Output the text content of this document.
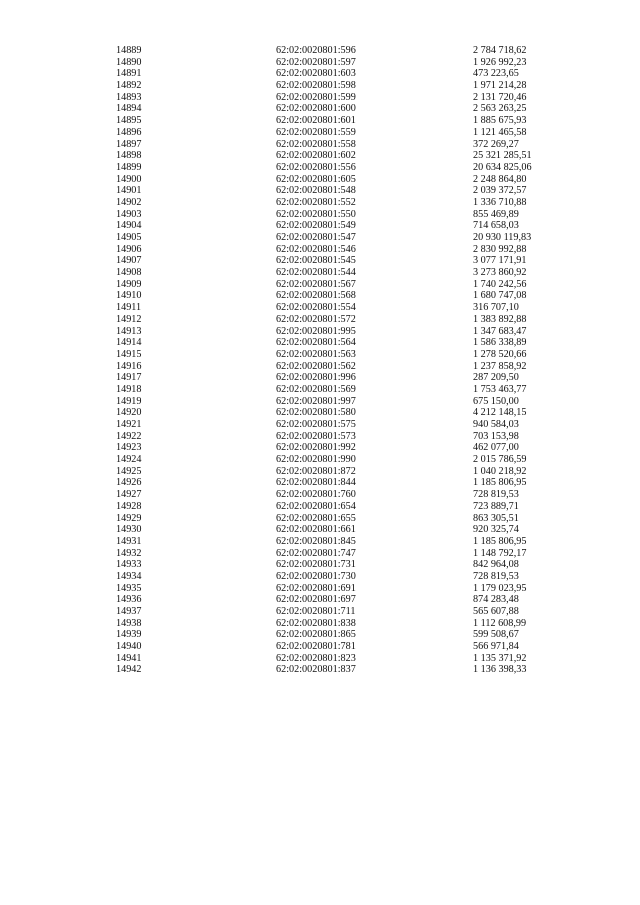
14889	62:02:0020801:596	2 784 718,62
14890	62:02:0020801:597	1 926 992,23
14891	62:02:0020801:603	473 223,65
14892	62:02:0020801:598	1 971 214,28
14893	62:02:0020801:599	2 131 720,46
14894	62:02:0020801:600	2 563 263,25
14895	62:02:0020801:601	1 885 675,93
14896	62:02:0020801:559	1 121 465,58
14897	62:02:0020801:558	372 269,27
14898	62:02:0020801:602	25 321 285,51
14899	62:02:0020801:556	20 634 825,06
14900	62:02:0020801:605	2 248 864,80
14901	62:02:0020801:548	2 039 372,57
14902	62:02:0020801:552	1 336 710,88
14903	62:02:0020801:550	855 469,89
14904	62:02:0020801:549	714 658,03
14905	62:02:0020801:547	20 930 119,83
14906	62:02:0020801:546	2 830 992,88
14907	62:02:0020801:545	3 077 171,91
14908	62:02:0020801:544	3 273 860,92
14909	62:02:0020801:567	1 740 242,56
14910	62:02:0020801:568	1 680 747,08
14911	62:02:0020801:554	316 707,10
14912	62:02:0020801:572	1 383 892,88
14913	62:02:0020801:995	1 347 683,47
14914	62:02:0020801:564	1 586 338,89
14915	62:02:0020801:563	1 278 520,66
14916	62:02:0020801:562	1 237 858,92
14917	62:02:0020801:996	287 209,50
14918	62:02:0020801:569	1 753 463,77
14919	62:02:0020801:997	675 150,00
14920	62:02:0020801:580	4 212 148,15
14921	62:02:0020801:575	940 584,03
14922	62:02:0020801:573	703 153,98
14923	62:02:0020801:992	462 077,00
14924	62:02:0020801:990	2 015 786,59
14925	62:02:0020801:872	1 040 218,92
14926	62:02:0020801:844	1 185 806,95
14927	62:02:0020801:760	728 819,53
14928	62:02:0020801:654	723 889,71
14929	62:02:0020801:655	863 305,51
14930	62:02:0020801:661	920 325,74
14931	62:02:0020801:845	1 185 806,95
14932	62:02:0020801:747	1 148 792,17
14933	62:02:0020801:731	842 964,08
14934	62:02:0020801:730	728 819,53
14935	62:02:0020801:691	1 179 023,95
14936	62:02:0020801:697	874 283,48
14937	62:02:0020801:711	565 607,88
14938	62:02:0020801:838	1 112 608,99
14939	62:02:0020801:865	599 508,67
14940	62:02:0020801:781	566 971,84
14941	62:02:0020801:823	1 135 371,92
14942	62:02:0020801:837	1 136 398,33
